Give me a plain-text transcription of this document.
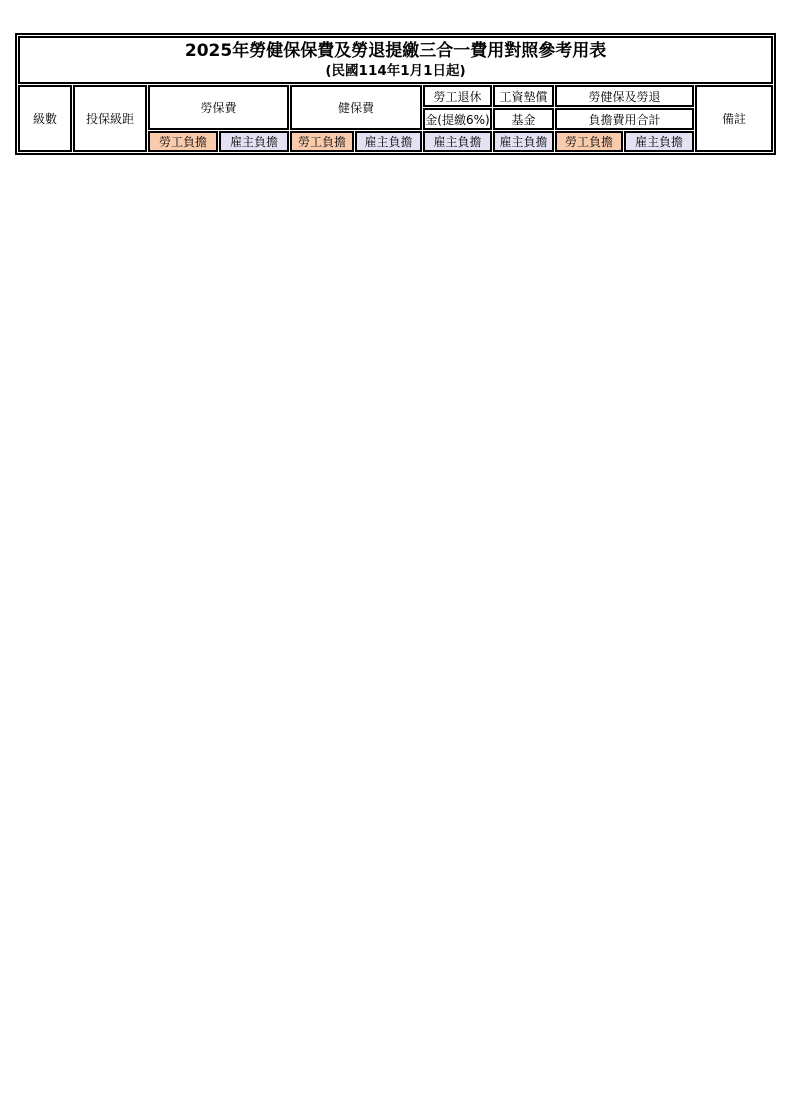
2025年勞健保保費及勞退提繳三合一費用對照參考用表
(民國114年1月1日起)										

級數	投保級距	勞保費		健保費		勞工退休	工資墊償	勞健保及勞退		備註
						金(提繳6%)	基金	負擔費用合計		
		勞工負擔	雇主負擔	勞工負擔	雇主負擔	雇主負擔	雇主負擔	勞工負擔	雇主負擔	
